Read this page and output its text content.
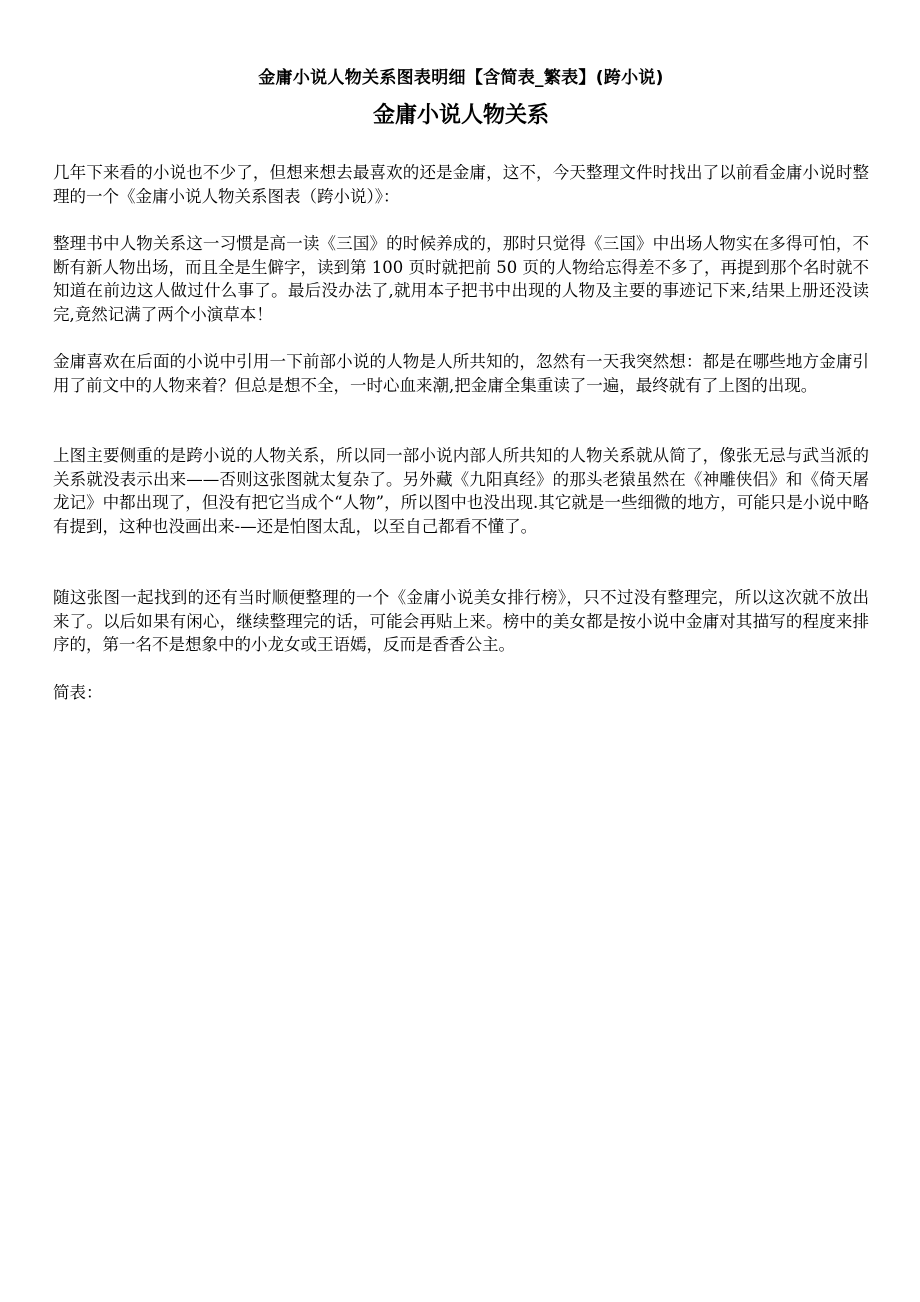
金庸小说人物关系图表明细【含简表_繁表】(跨小说)
金庸小说人物关系

几年下来看的小说也不少了，但想来想去最喜欢的还是金庸，这不，今天整理文件时找出了以前看金庸小说时整理的一个《金庸小说人物关系图表（跨小说）》：

整理书中人物关系这一习惯是高一读《三国》的时候养成的，那时只觉得《三国》中出场人物实在多得可怕，不断有新人物出场，而且全是生僻字，读到第 100 页时就把前 50 页的人物给忘得差不多了，再提到那个名时就不知道在前边这人做过什么事了。最后没办法了,就用本子把书中出现的人物及主要的事迹记下来,结果上册还没读完,竟然记满了两个小演草本！

金庸喜欢在后面的小说中引用一下前部小说的人物是人所共知的，忽然有一天我突然想：都是在哪些地方金庸引用了前文中的人物来着？但总是想不全，一时心血来潮,把金庸全集重读了一遍，最终就有了上图的出现。

上图主要侧重的是跨小说的人物关系，所以同一部小说内部人所共知的人物关系就从简了，像张无忌与武当派的关系就没表示出来——否则这张图就太复杂了。另外藏《九阳真经》的那头老猿虽然在《神雕侠侣》和《倚天屠龙记》中都出现了，但没有把它当成个“人物”，所以图中也没出现.其它就是一些细微的地方，可能只是小说中略有提到，这种也没画出来-—还是怕图太乱，以至自己都看不懂了。

随这张图一起找到的还有当时顺便整理的一个《金庸小说美女排行榜》，只不过没有整理完，所以这次就不放出来了。以后如果有闲心，继续整理完的话，可能会再贴上来。榜中的美女都是按小说中金庸对其描写的程度来排序的，第一名不是想象中的小龙女或王语嫣，反而是香香公主。

简表：
